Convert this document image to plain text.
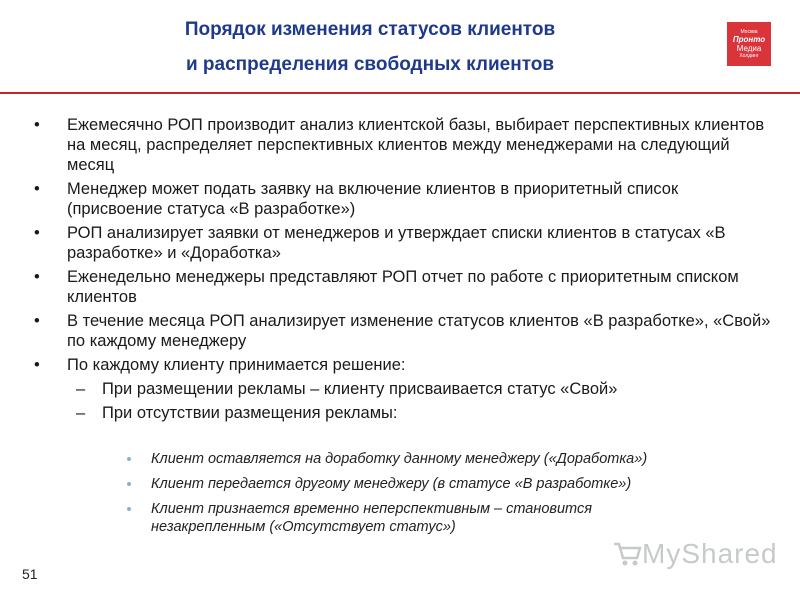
Порядок изменения статусов клиентов
и распределения свободных клиентов
Москва
Пронто
Медиа
Холдинг
• Ежемесячно РОП производит анализ клиентской базы, выбирает перспективных клиентов на месяц, распределяет перспективных клиентов между менеджерами на следующий месяц
• Менеджер может подать заявку на включение клиентов в приоритетный список (присвоение статуса «В разработке»)
• РОП анализирует заявки от менеджеров и утверждает списки клиентов в статусах «В разработке» и «Доработка»
• Еженедельно менеджеры представляют РОП отчет по работе с приоритетным списком клиентов
• В течение месяца РОП анализирует изменение статусов клиентов «В разработке», «Свой» по каждому менеджеру
• По каждому клиенту принимается решение:
– При размещении рекламы – клиенту присваивается статус «Свой»
– При отсутствии размещения рекламы:
Клиент оставляется на доработку данному менеджеру («Доработка»)
Клиент передается другому менеджеру (в статусе «В разработке»)
Клиент признается временно неперспективным – становится незакрепленным («Отсутствует статус»)
51
MyShared
